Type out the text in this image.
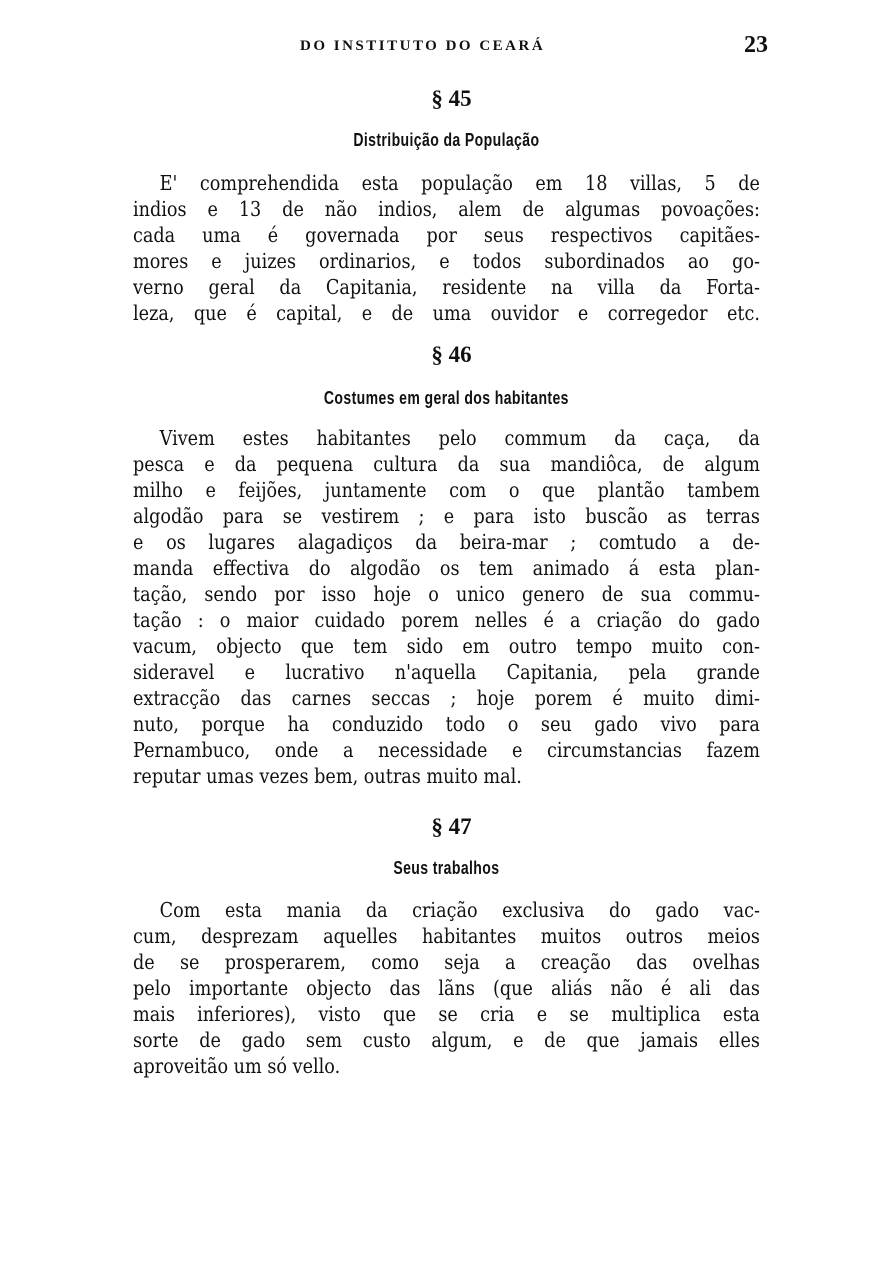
DO INSTITUTO DO CEARÁ	23
§ 45
Distribuição da População
E' comprehendida esta população em 18 villas, 5 de
indios e 13 de não indios, alem de algumas povoações:
cada uma é governada por seus respectivos capitães-
mores e juizes ordinarios, e todos subordinados ao go-
verno geral da Capitania, residente na villa da Forta-
leza, que é capital, e de uma ouvidor e corregedor etc.
§ 46
Costumes em geral dos habitantes
Vivem estes habitantes pelo commum da caça, da
pesca e da pequena cultura da sua mandiôca, de algum
milho e feijões, juntamente com o que plantão tambem
algodão para se vestirem ; e para isto buscão as terras
e os lugares alagadiços da beira-mar ; comtudo a de-
manda effectiva do algodão os tem animado á esta plan-
tação, sendo por isso hoje o unico genero de sua commu-
tação : o maior cuidado porem nelles é a criação do gado
vacum, objecto que tem sido em outro tempo muito con-
sideravel e lucrativo n'aquella Capitania, pela grande
extracção das carnes seccas ; hoje porem é muito dimi-
nuto, porque ha conduzido todo o seu gado vivo para
Pernambuco, onde a necessidade e circumstancias fazem
reputar umas vezes bem, outras muito mal.
§ 47
Seus trabalhos
Com esta mania da criação exclusiva do gado vac-
cum, desprezam aquelles habitantes muitos outros meios
de se prosperarem, como seja a creação das ovelhas
pelo importante objecto das lãns (que aliás não é ali das
mais inferiores), visto que se cria e se multiplica esta
sorte de gado sem custo algum, e de que jamais elles
aproveitão um só vello.
